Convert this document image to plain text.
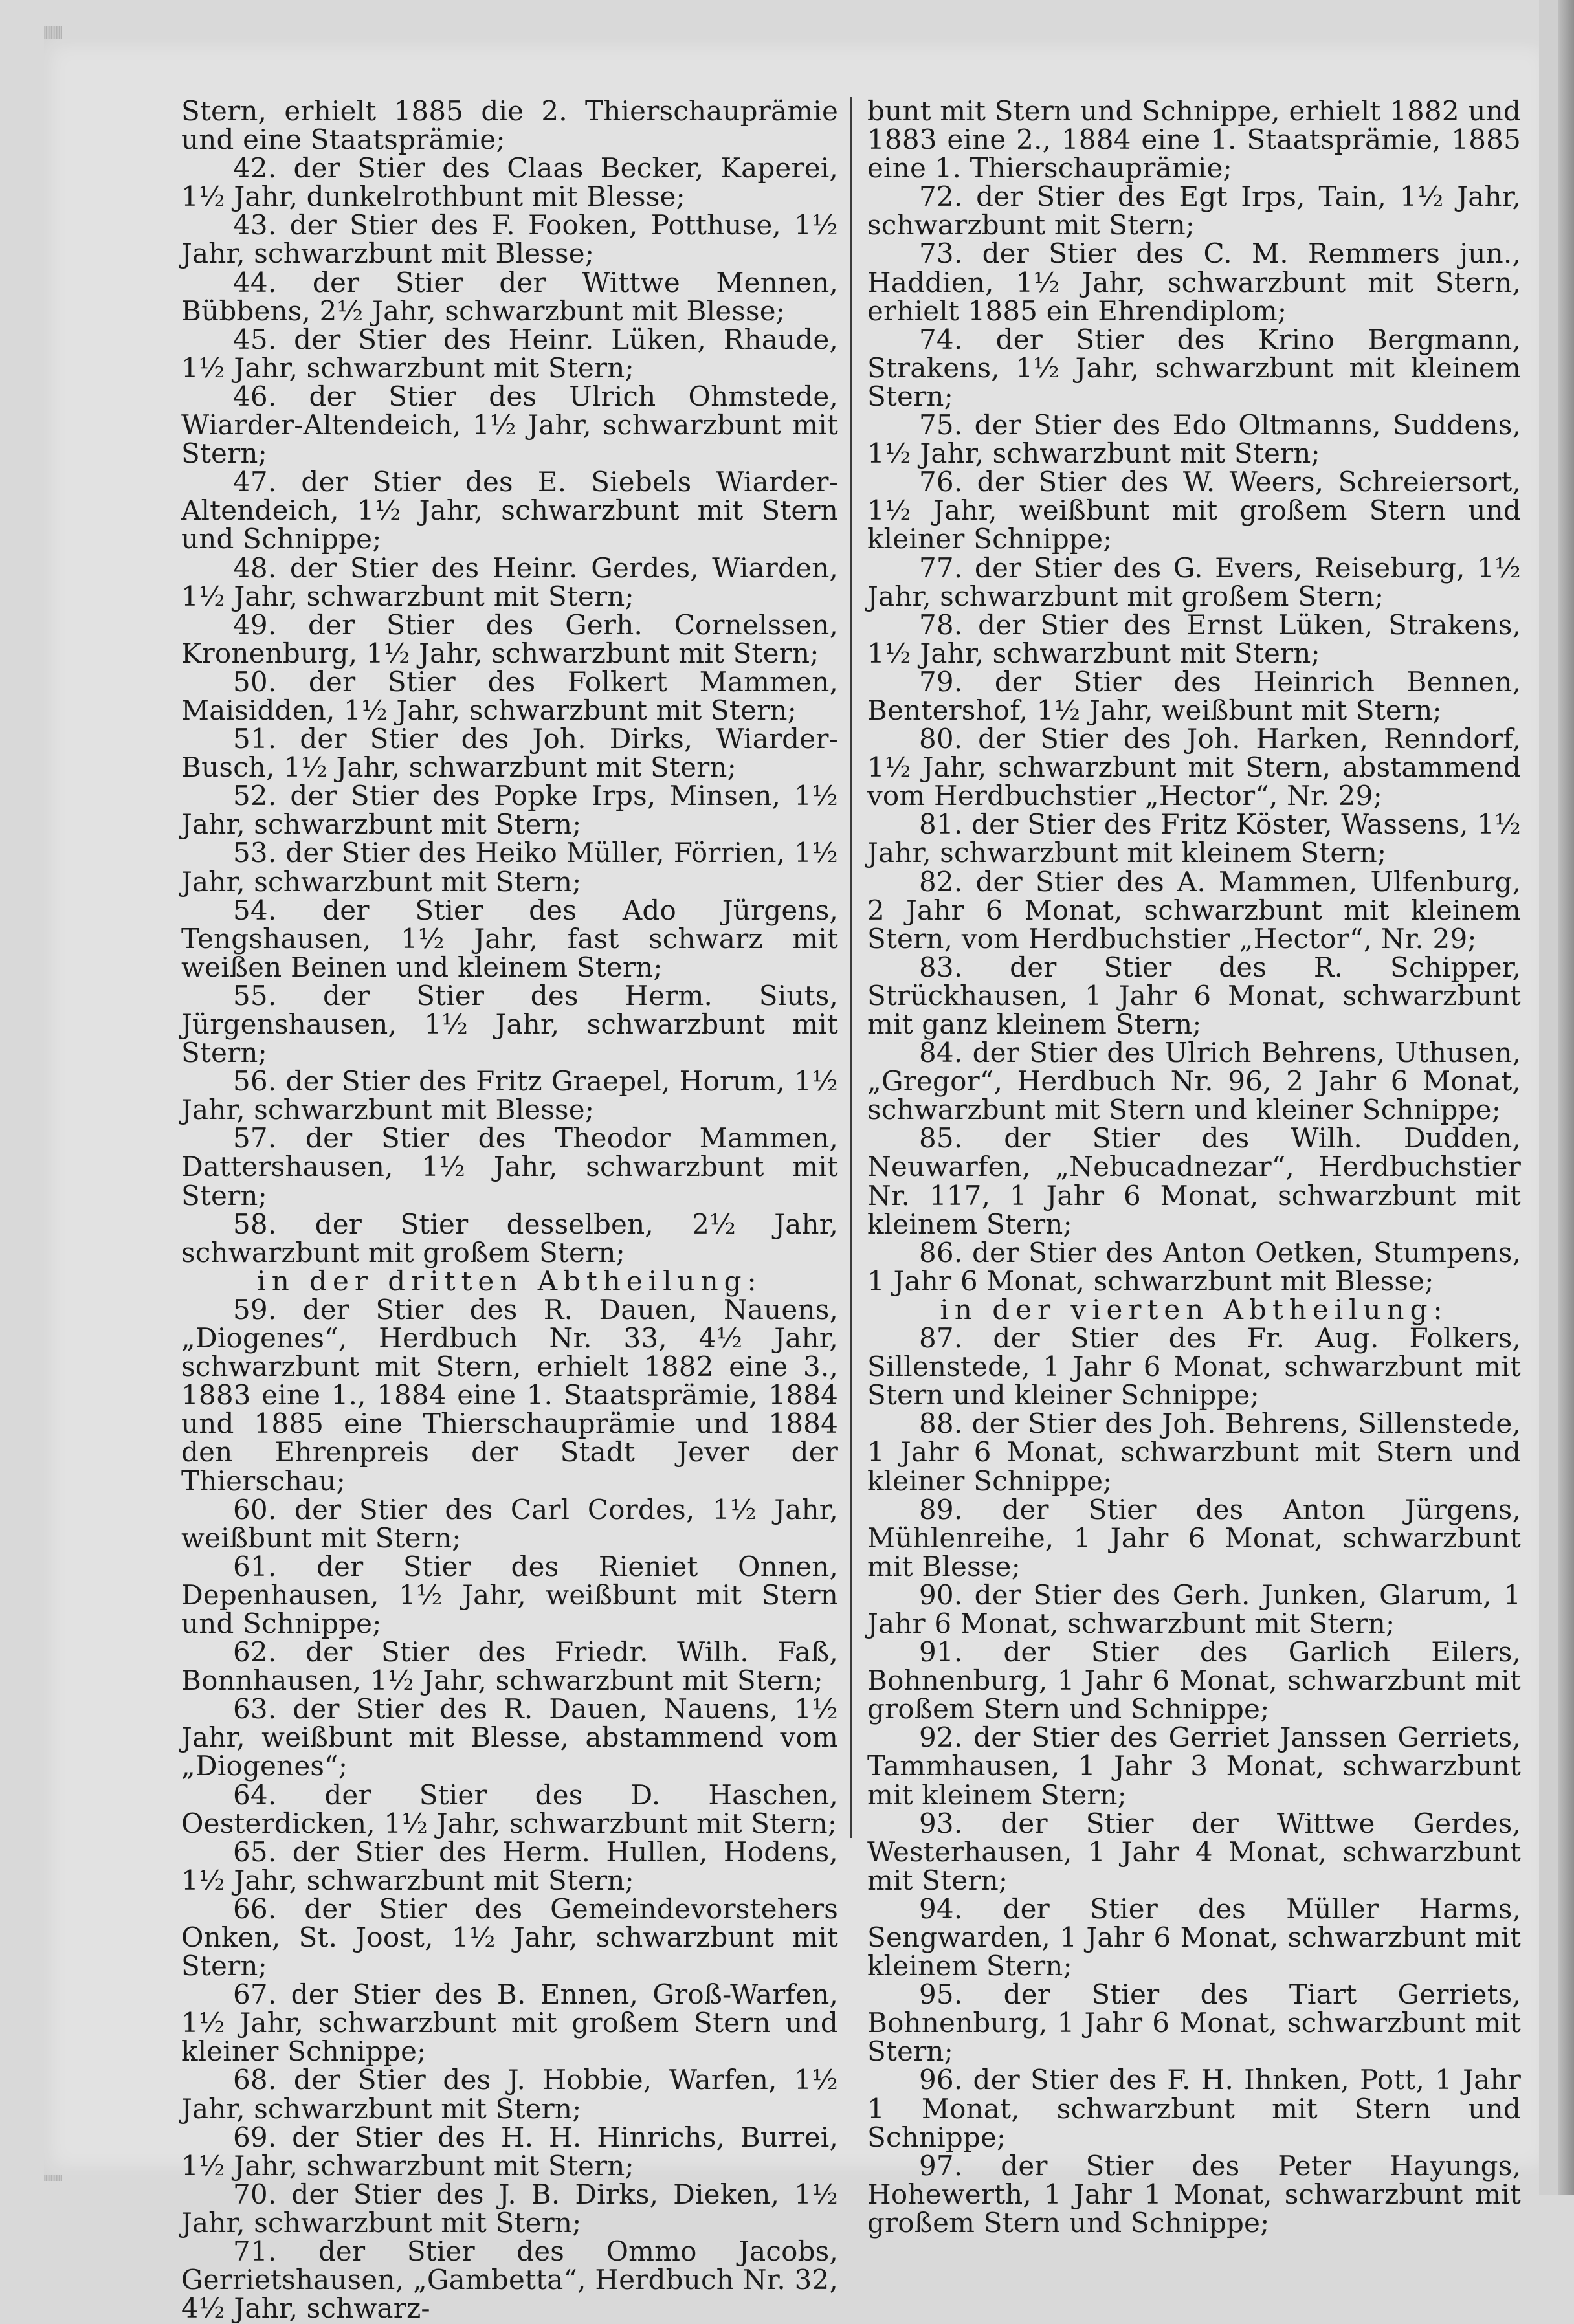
Stern, erhielt 1885 die 2. Thierschauprämie und eine Staatsprämie;

42. der Stier des Claas Becker, Kaperei, 1½ Jahr, dunkelrothbunt mit Blesse;

43. der Stier des F. Fooken, Potthuse, 1½ Jahr, schwarzbunt mit Blesse;

44. der Stier der Wittwe Mennen, Bübbens, 2½ Jahr, schwarzbunt mit Blesse;

45. der Stier des Heinr. Lüken, Rhaude, 1½ Jahr, schwarzbunt mit Stern;

46. der Stier des Ulrich Ohmstede, Wiarder-Altendeich, 1½ Jahr, schwarzbunt mit Stern;

47. der Stier des E. Siebels Wiarder-Altendeich, 1½ Jahr, schwarzbunt mit Stern und Schnippe;

48. der Stier des Heinr. Gerdes, Wiarden, 1½ Jahr, schwarzbunt mit Stern;

49. der Stier des Gerh. Cornelssen, Kronenburg, 1½ Jahr, schwarzbunt mit Stern;

50. der Stier des Folkert Mammen, Maisidden, 1½ Jahr, schwarzbunt mit Stern;

51. der Stier des Joh. Dirks, Wiarder-Busch, 1½ Jahr, schwarzbunt mit Stern;

52. der Stier des Popke Irps, Minsen, 1½ Jahr, schwarzbunt mit Stern;

53. der Stier des Heiko Müller, Förrien, 1½ Jahr, schwarzbunt mit Stern;

54. der Stier des Ado Jürgens, Tengshausen, 1½ Jahr, fast schwarz mit weißen Beinen und kleinem Stern;

55. der Stier des Herm. Siuts, Jürgenshausen, 1½ Jahr, schwarzbunt mit Stern;

56. der Stier des Fritz Graepel, Horum, 1½ Jahr, schwarzbunt mit Blesse;

57. der Stier des Theodor Mammen, Dattershausen, 1½ Jahr, schwarzbunt mit Stern;

58. der Stier desselben, 2½ Jahr, schwarzbunt mit großem Stern;

in der dritten Abtheilung:

59. der Stier des R. Dauen, Nauens, „Diogenes“, Herdbuch Nr. 33, 4½ Jahr, schwarzbunt mit Stern, erhielt 1882 eine 3., 1883 eine 1., 1884 eine 1. Staatsprämie, 1884 und 1885 eine Thierschauprämie und 1884 den Ehrenpreis der Stadt Jever der Thierschau;

60. der Stier des Carl Cordes, 1½ Jahr, weißbunt mit Stern;

61. der Stier des Rieniet Onnen, Depenhausen, 1½ Jahr, weißbunt mit Stern und Schnippe;

62. der Stier des Friedr. Wilh. Faß, Bonnhausen, 1½ Jahr, schwarzbunt mit Stern;

63. der Stier des R. Dauen, Nauens, 1½ Jahr, weißbunt mit Blesse, abstammend vom „Diogenes“;

64. der Stier des D. Haschen, Oesterdicken, 1½ Jahr, schwarzbunt mit Stern;

65. der Stier des Herm. Hullen, Hodens, 1½ Jahr, schwarzbunt mit Stern;

66. der Stier des Gemeindevorstehers Onken, St. Joost, 1½ Jahr, schwarzbunt mit Stern;

67. der Stier des B. Ennen, Groß-Warfen, 1½ Jahr, schwarzbunt mit großem Stern und kleiner Schnippe;

68. der Stier des J. Hobbie, Warfen, 1½ Jahr, schwarzbunt mit Stern;

69. der Stier des H. H. Hinrichs, Burrei, 1½ Jahr, schwarzbunt mit Stern;

70. der Stier des J. B. Dirks, Dieken, 1½ Jahr, schwarzbunt mit Stern;

71. der Stier des Ommo Jacobs, Gerrietshausen, „Gambetta“, Herdbuch Nr. 32, 4½ Jahr, schwarz-

bunt mit Stern und Schnippe, erhielt 1882 und 1883 eine 2., 1884 eine 1. Staatsprämie, 1885 eine 1. Thierschauprämie;

72. der Stier des Egt Irps, Tain, 1½ Jahr, schwarzbunt mit Stern;

73. der Stier des C. M. Remmers jun., Haddien, 1½ Jahr, schwarzbunt mit Stern, erhielt 1885 ein Ehrendiplom;

74. der Stier des Krino Bergmann, Strakens, 1½ Jahr, schwarzbunt mit kleinem Stern;

75. der Stier des Edo Oltmanns, Suddens, 1½ Jahr, schwarzbunt mit Stern;

76. der Stier des W. Weers, Schreiersort, 1½ Jahr, weißbunt mit großem Stern und kleiner Schnippe;

77. der Stier des G. Evers, Reiseburg, 1½ Jahr, schwarzbunt mit großem Stern;

78. der Stier des Ernst Lüken, Strakens, 1½ Jahr, schwarzbunt mit Stern;

79. der Stier des Heinrich Bennen, Bentershof, 1½ Jahr, weißbunt mit Stern;

80. der Stier des Joh. Harken, Renndorf, 1½ Jahr, schwarzbunt mit Stern, abstammend vom Herdbuchstier „Hector“, Nr. 29;

81. der Stier des Fritz Köster, Wassens, 1½ Jahr, schwarzbunt mit kleinem Stern;

82. der Stier des A. Mammen, Ulfenburg, 2 Jahr 6 Monat, schwarzbunt mit kleinem Stern, vom Herdbuchstier „Hector“, Nr. 29;

83. der Stier des R. Schipper, Strückhausen, 1 Jahr 6 Monat, schwarzbunt mit ganz kleinem Stern;

84. der Stier des Ulrich Behrens, Uthusen, „Gregor“, Herdbuch Nr. 96, 2 Jahr 6 Monat, schwarzbunt mit Stern und kleiner Schnippe;

85. der Stier des Wilh. Dudden, Neuwarfen, „Nebucadnezar“, Herdbuchstier Nr. 117, 1 Jahr 6 Monat, schwarzbunt mit kleinem Stern;

86. der Stier des Anton Oetken, Stumpens, 1 Jahr 6 Monat, schwarzbunt mit Blesse;

in der vierten Abtheilung:

87. der Stier des Fr. Aug. Folkers, Sillenstede, 1 Jahr 6 Monat, schwarzbunt mit Stern und kleiner Schnippe;

88. der Stier des Joh. Behrens, Sillenstede, 1 Jahr 6 Monat, schwarzbunt mit Stern und kleiner Schnippe;

89. der Stier des Anton Jürgens, Mühlenreihe, 1 Jahr 6 Monat, schwarzbunt mit Blesse;

90. der Stier des Gerh. Junken, Glarum, 1 Jahr 6 Monat, schwarzbunt mit Stern;

91. der Stier des Garlich Eilers, Bohnenburg, 1 Jahr 6 Monat, schwarzbunt mit großem Stern und Schnippe;

92. der Stier des Gerriet Janssen Gerriets, Tammhausen, 1 Jahr 3 Monat, schwarzbunt mit kleinem Stern;

93. der Stier der Wittwe Gerdes, Westerhausen, 1 Jahr 4 Monat, schwarzbunt mit Stern;

94. der Stier des Müller Harms, Sengwarden, 1 Jahr 6 Monat, schwarzbunt mit kleinem Stern;

95. der Stier des Tiart Gerriets, Bohnenburg, 1 Jahr 6 Monat, schwarzbunt mit Stern;

96. der Stier des F. H. Ihnken, Pott, 1 Jahr 1 Monat, schwarzbunt mit Stern und Schnippe;

97. der Stier des Peter Hayungs, Hohewerth, 1 Jahr 1 Monat, schwarzbunt mit großem Stern und Schnippe;
